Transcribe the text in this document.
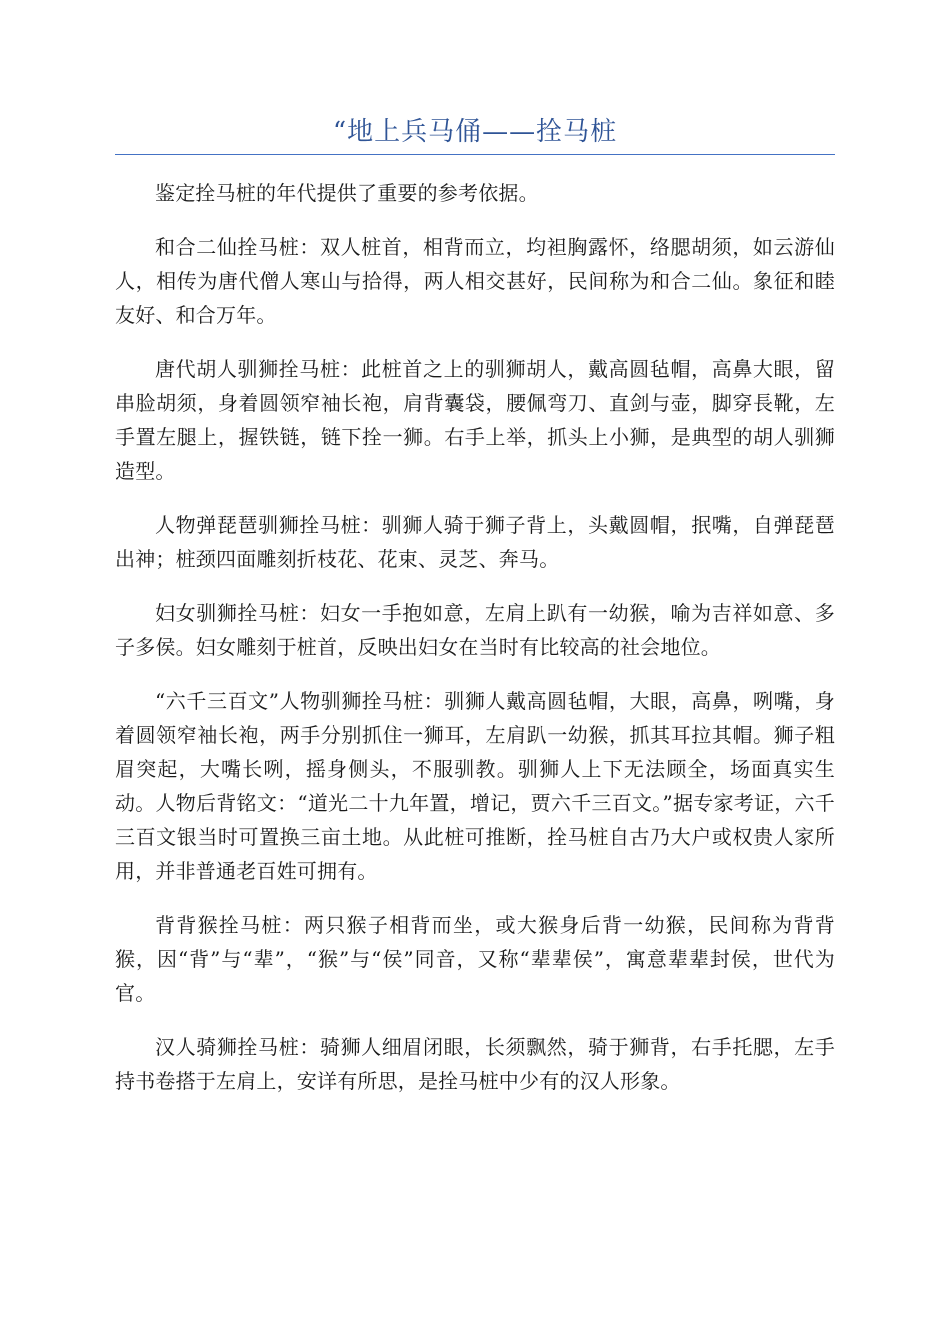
“地上兵马俑——拴马桩

鉴定拴马桩的年代提供了重要的参考依据。

和合二仙拴马桩：双人桩首，相背而立，均袒胸露怀，络腮胡须，如云游仙人，相传为唐代僧人寒山与拾得，两人相交甚好，民间称为和合二仙。象征和睦友好、和合万年。

唐代胡人驯狮拴马桩：此桩首之上的驯狮胡人，戴高圆毡帽，高鼻大眼，留串脸胡须，身着圆领窄袖长袍，肩背囊袋，腰佩弯刀、直剑与壶，脚穿長靴，左手置左腿上，握铁链，链下拴一狮。右手上举，抓头上小狮，是典型的胡人驯狮造型。

人物弹琵琶驯狮拴马桩：驯狮人骑于狮子背上，头戴圆帽，抿嘴，自弹琵琶出神；桩颈四面雕刻折枝花、花束、灵芝、奔马。

妇女驯狮拴马桩：妇女一手抱如意，左肩上趴有一幼猴，喻为吉祥如意、多子多侯。妇女雕刻于桩首，反映出妇女在当时有比较高的社会地位。

“六千三百文”人物驯狮拴马桩：驯狮人戴高圆毡帽，大眼，高鼻，咧嘴，身着圆领窄袖长袍，两手分别抓住一狮耳，左肩趴一幼猴，抓其耳拉其帽。狮子粗眉突起，大嘴长咧，摇身侧头，不服驯教。驯狮人上下无法顾全，场面真实生动。人物后背铭文：“道光二十九年置，增记，贾六千三百文。”据专家考证，六千三百文银当时可置换三亩土地。从此桩可推断，拴马桩自古乃大户或权贵人家所用，并非普通老百姓可拥有。

背背猴拴马桩：两只猴子相背而坐，或大猴身后背一幼猴，民间称为背背猴，因“背”与“辈”，“猴”与“侯”同音，又称“辈辈侯”，寓意辈辈封侯，世代为官。

汉人骑狮拴马桩：骑狮人细眉闭眼，长须飘然，骑于狮背，右手托腮，左手持书卷搭于左肩上，安详有所思，是拴马桩中少有的汉人形象。
